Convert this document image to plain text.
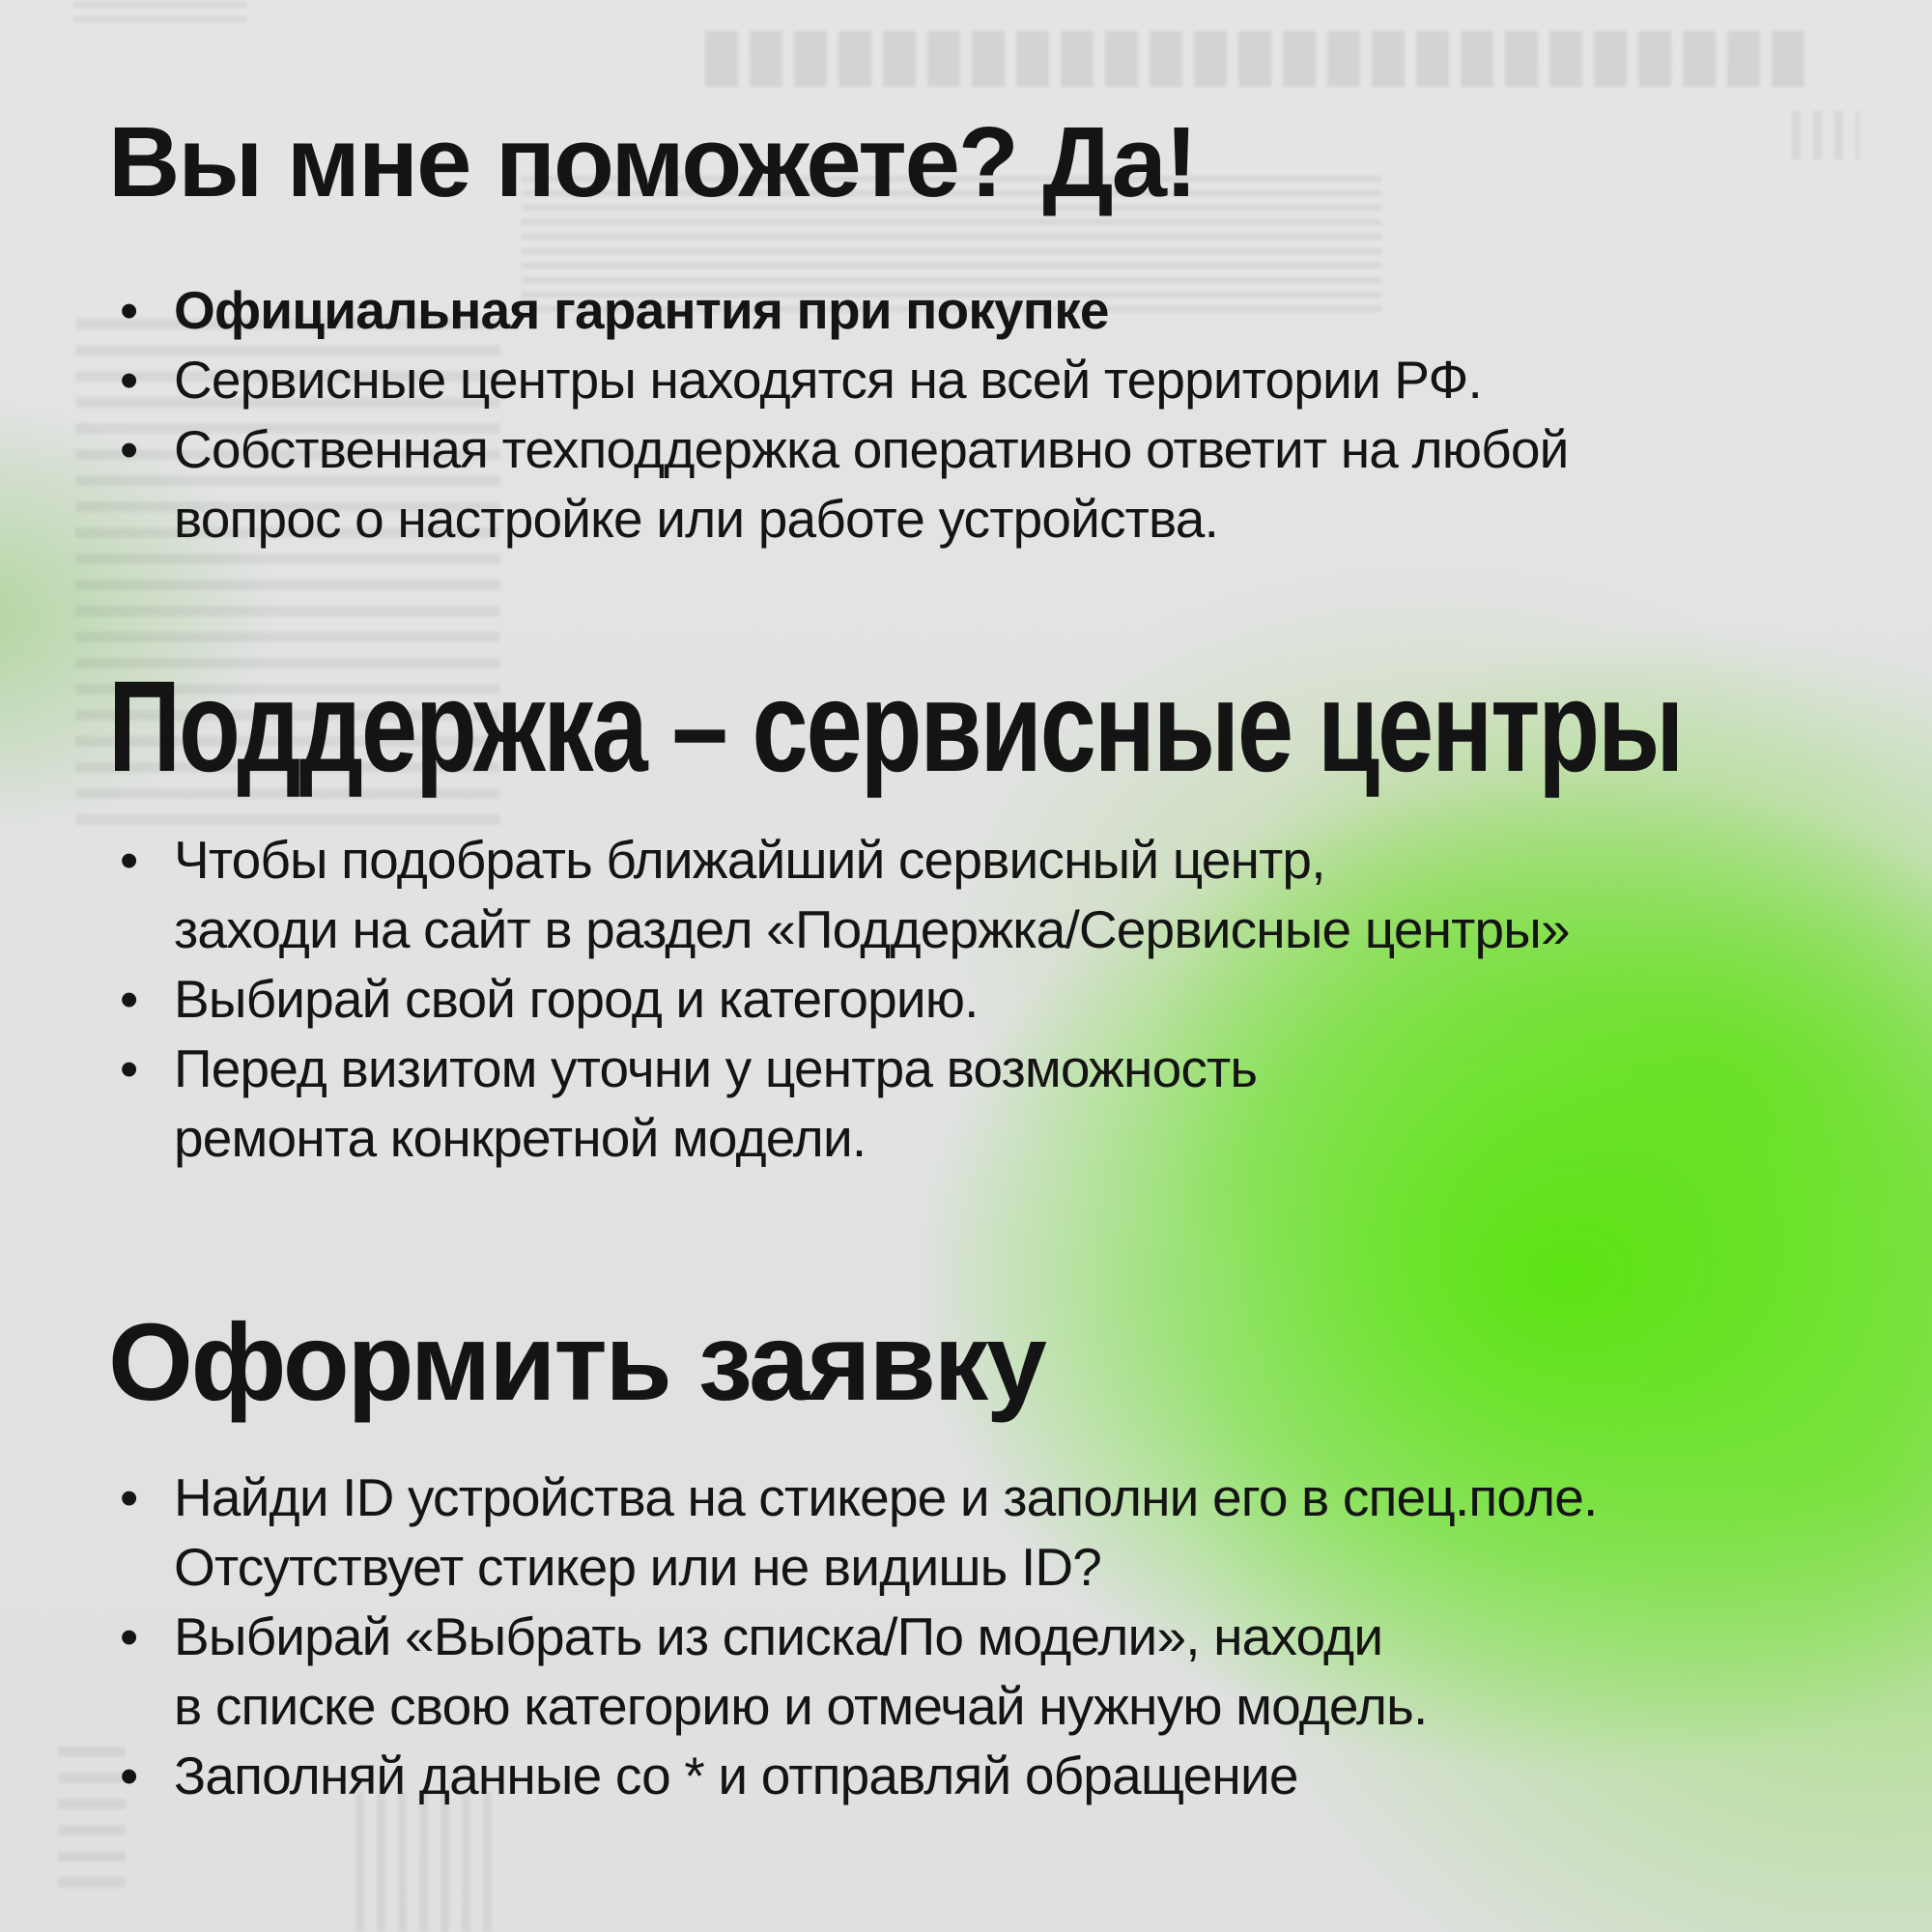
Вы мне поможете? Да!
• Официальная гарантия при покупке
• Сервисные центры находятся на всей территории РФ.
• Собственная техподдержка оперативно ответит на любой
вопрос о настройке или работе устройства.
Поддержка – сервисные центры
• Чтобы подобрать ближайший сервисный центр,
заходи на сайт в раздел «Поддержка/Сервисные центры»
• Выбирай свой город и категорию.
• Перед визитом уточни у центра возможность
ремонта конкретной модели.
Оформить заявку
• Найди ID устройства на стикере и заполни его в спец.поле.
Отсутствует стикер или не видишь ID?
• Выбирай «Выбрать из списка/По модели», находи
в списке свою категорию и отмечай нужную модель.
• Заполняй данные со * и отправляй обращение
